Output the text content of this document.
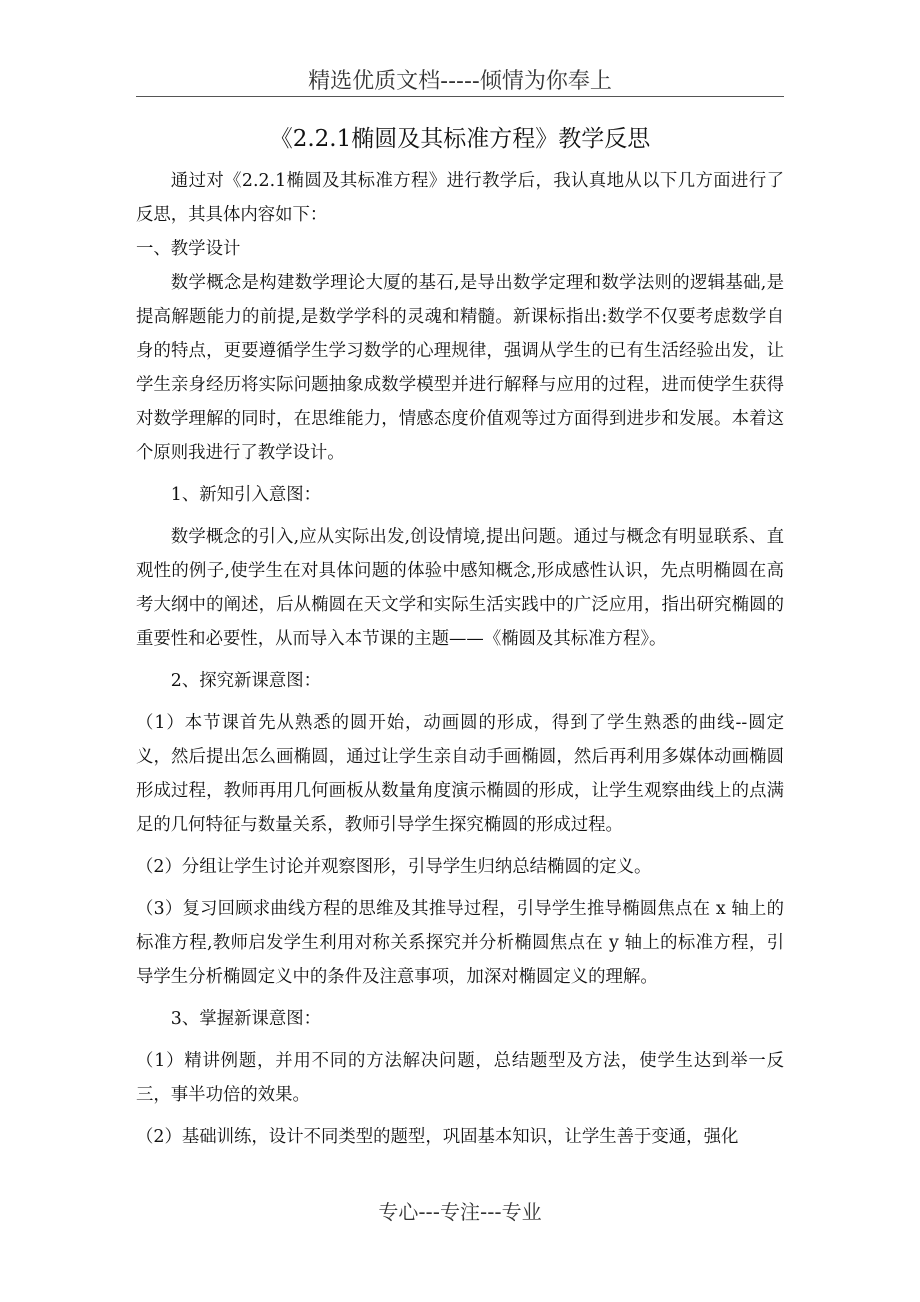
精选优质文档-----倾情为你奉上
《2.2.1椭圆及其标准方程》教学反思

通过对《2.2.1椭圆及其标准方程》进行教学后，我认真地从以下几方面进行了反思，其具体内容如下：

一、教学设计

数学概念是构建数学理论大厦的基石,是导出数学定理和数学法则的逻辑基础,是提高解题能力的前提,是数学学科的灵魂和精髓。新课标指出:数学不仅要考虑数学自身的特点，更要遵循学生学习数学的心理规律，强调从学生的已有生活经验出发，让学生亲身经历将实际问题抽象成数学模型并进行解释与应用的过程，进而使学生获得对数学理解的同时，在思维能力，情感态度价值观等过方面得到进步和发展。本着这个原则我进行了教学设计。

1、新知引入意图：

数学概念的引入,应从实际出发,创设情境,提出问题。通过与概念有明显联系、直观性的例子,使学生在对具体问题的体验中感知概念,形成感性认识，先点明椭圆在高考大纲中的阐述，后从椭圆在天文学和实际生活实践中的广泛应用，指出研究椭圆的重要性和必要性，从而导入本节课的主题——《椭圆及其标准方程》。

2、探究新课意图：

（1）本节课首先从熟悉的圆开始，动画圆的形成，得到了学生熟悉的曲线--圆定义，然后提出怎么画椭圆，通过让学生亲自动手画椭圆，然后再利用多媒体动画椭圆形成过程，教师再用几何画板从数量角度演示椭圆的形成，让学生观察曲线上的点满足的几何特征与数量关系，教师引导学生探究椭圆的形成过程。

（2）分组让学生讨论并观察图形，引导学生归纳总结椭圆的定义。

（3）复习回顾求曲线方程的思维及其推导过程，引导学生推导椭圆焦点在 x 轴上的标准方程,教师启发学生利用对称关系探究并分析椭圆焦点在 y 轴上的标准方程，引导学生分析椭圆定义中的条件及注意事项，加深对椭圆定义的理解。

3、掌握新课意图：

（1）精讲例题，并用不同的方法解决问题，总结题型及方法，使学生达到举一反三，事半功倍的效果。

（2）基础训练，设计不同类型的题型，巩固基本知识，让学生善于变通，强化

专心---专注---专业
